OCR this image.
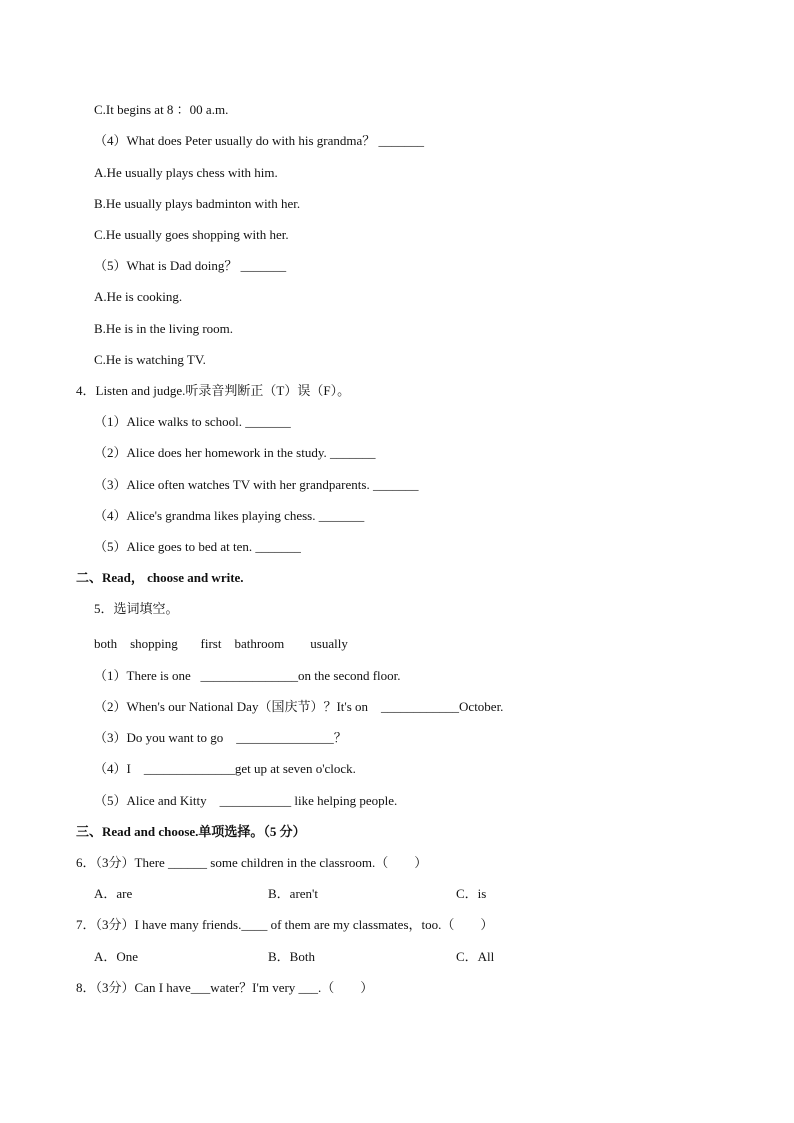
C.It begins at 8 ：00 a.m.
（4）What does Peter usually do with his grandma？ _______
A.He usually plays chess with him.
B.He usually plays badminton with her.
C.He usually goes shopping with her.
（5）What is Dad doing？ _______
A.He is cooking.
B.He is in the living room.
C.He is watching TV.
4．Listen and judge.听录音判断正（T）误（F）。
（1）Alice walks to school. _______
（2）Alice does her homework in the study. _______
（3）Alice often watches TV with her grandparents. _______
（4）Alice's grandma likes playing chess. _______
（5）Alice goes to bed at ten. _______
二、Read， choose and write.
5．选词填空。
both    shopping       first    bathroom        usually
（1）There is one   _______________on the second floor.
（2）When's our National Day（国庆节）？It's on    ____________October.
（3）Do you want to go    _______________？
（4）I    ______________get up at seven o'clock.
（5）Alice and Kitty    ___________ like helping people.
三、Read and choose.单项选择。（5 分）
6．（3分）There ______ some children in the classroom.（        ）
A．are	B．aren't	C．is
7．（3分）I have many friends.____ of them are my classmates，too.（        ）
A．One	B．Both	C．All
8．（3分）Can I have___water？I'm very ___.（        ）
